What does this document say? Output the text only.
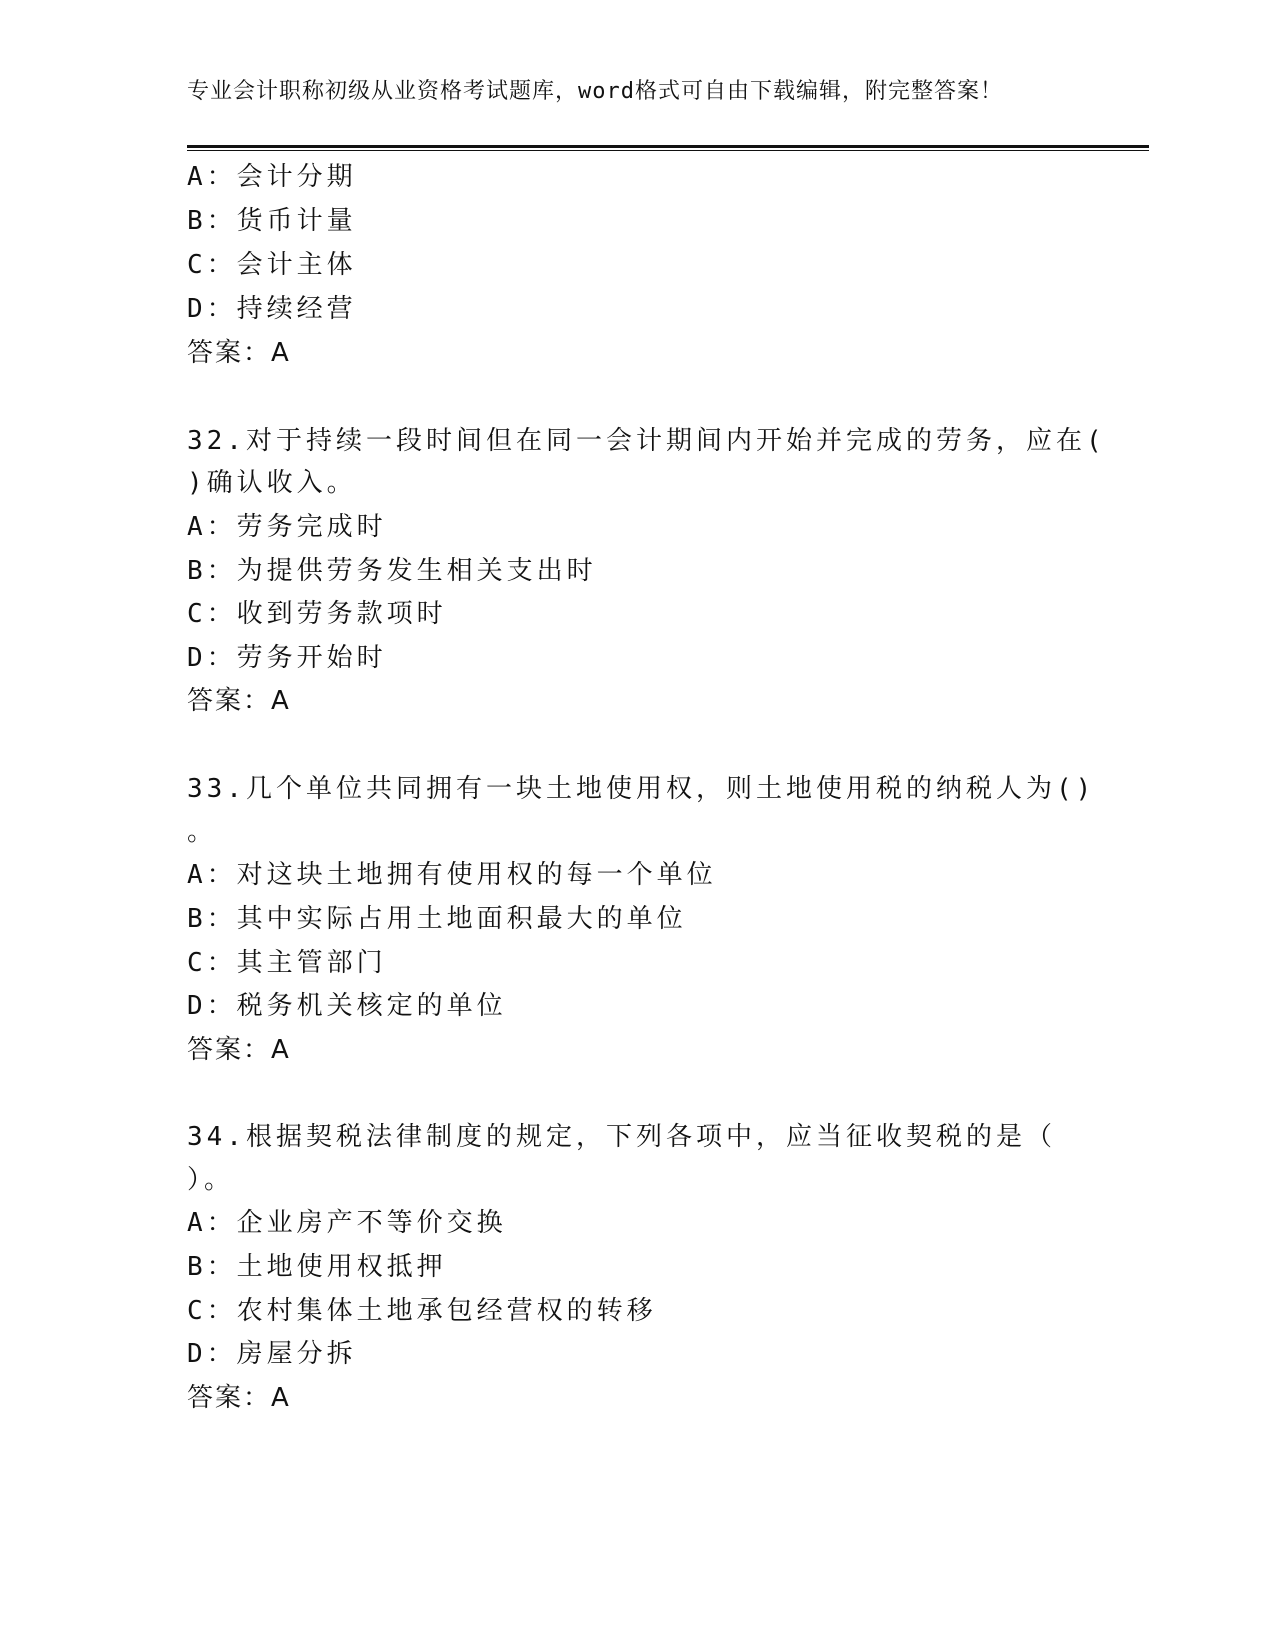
专业会计职称初级从业资格考试题库，word格式可自由下载编辑，附完整答案！
A：会计分期
B：货币计量
C：会计主体
D：持续经营
答案：A
32.对于持续一段时间但在同一会计期间内开始并完成的劳务，应在(
)确认收入。
A：劳务完成时
B：为提供劳务发生相关支出时
C：收到劳务款项时
D：劳务开始时
答案：A
33.几个单位共同拥有一块土地使用权，则土地使用税的纳税人为()
。
A：对这块土地拥有使用权的每一个单位
B：其中实际占用土地面积最大的单位
C：其主管部门
D：税务机关核定的单位
答案：A
34.根据契税法律制度的规定，下列各项中，应当征收契税的是（
）。
A：企业房产不等价交换
B：土地使用权抵押
C：农村集体土地承包经营权的转移
D：房屋分拆
答案：A
